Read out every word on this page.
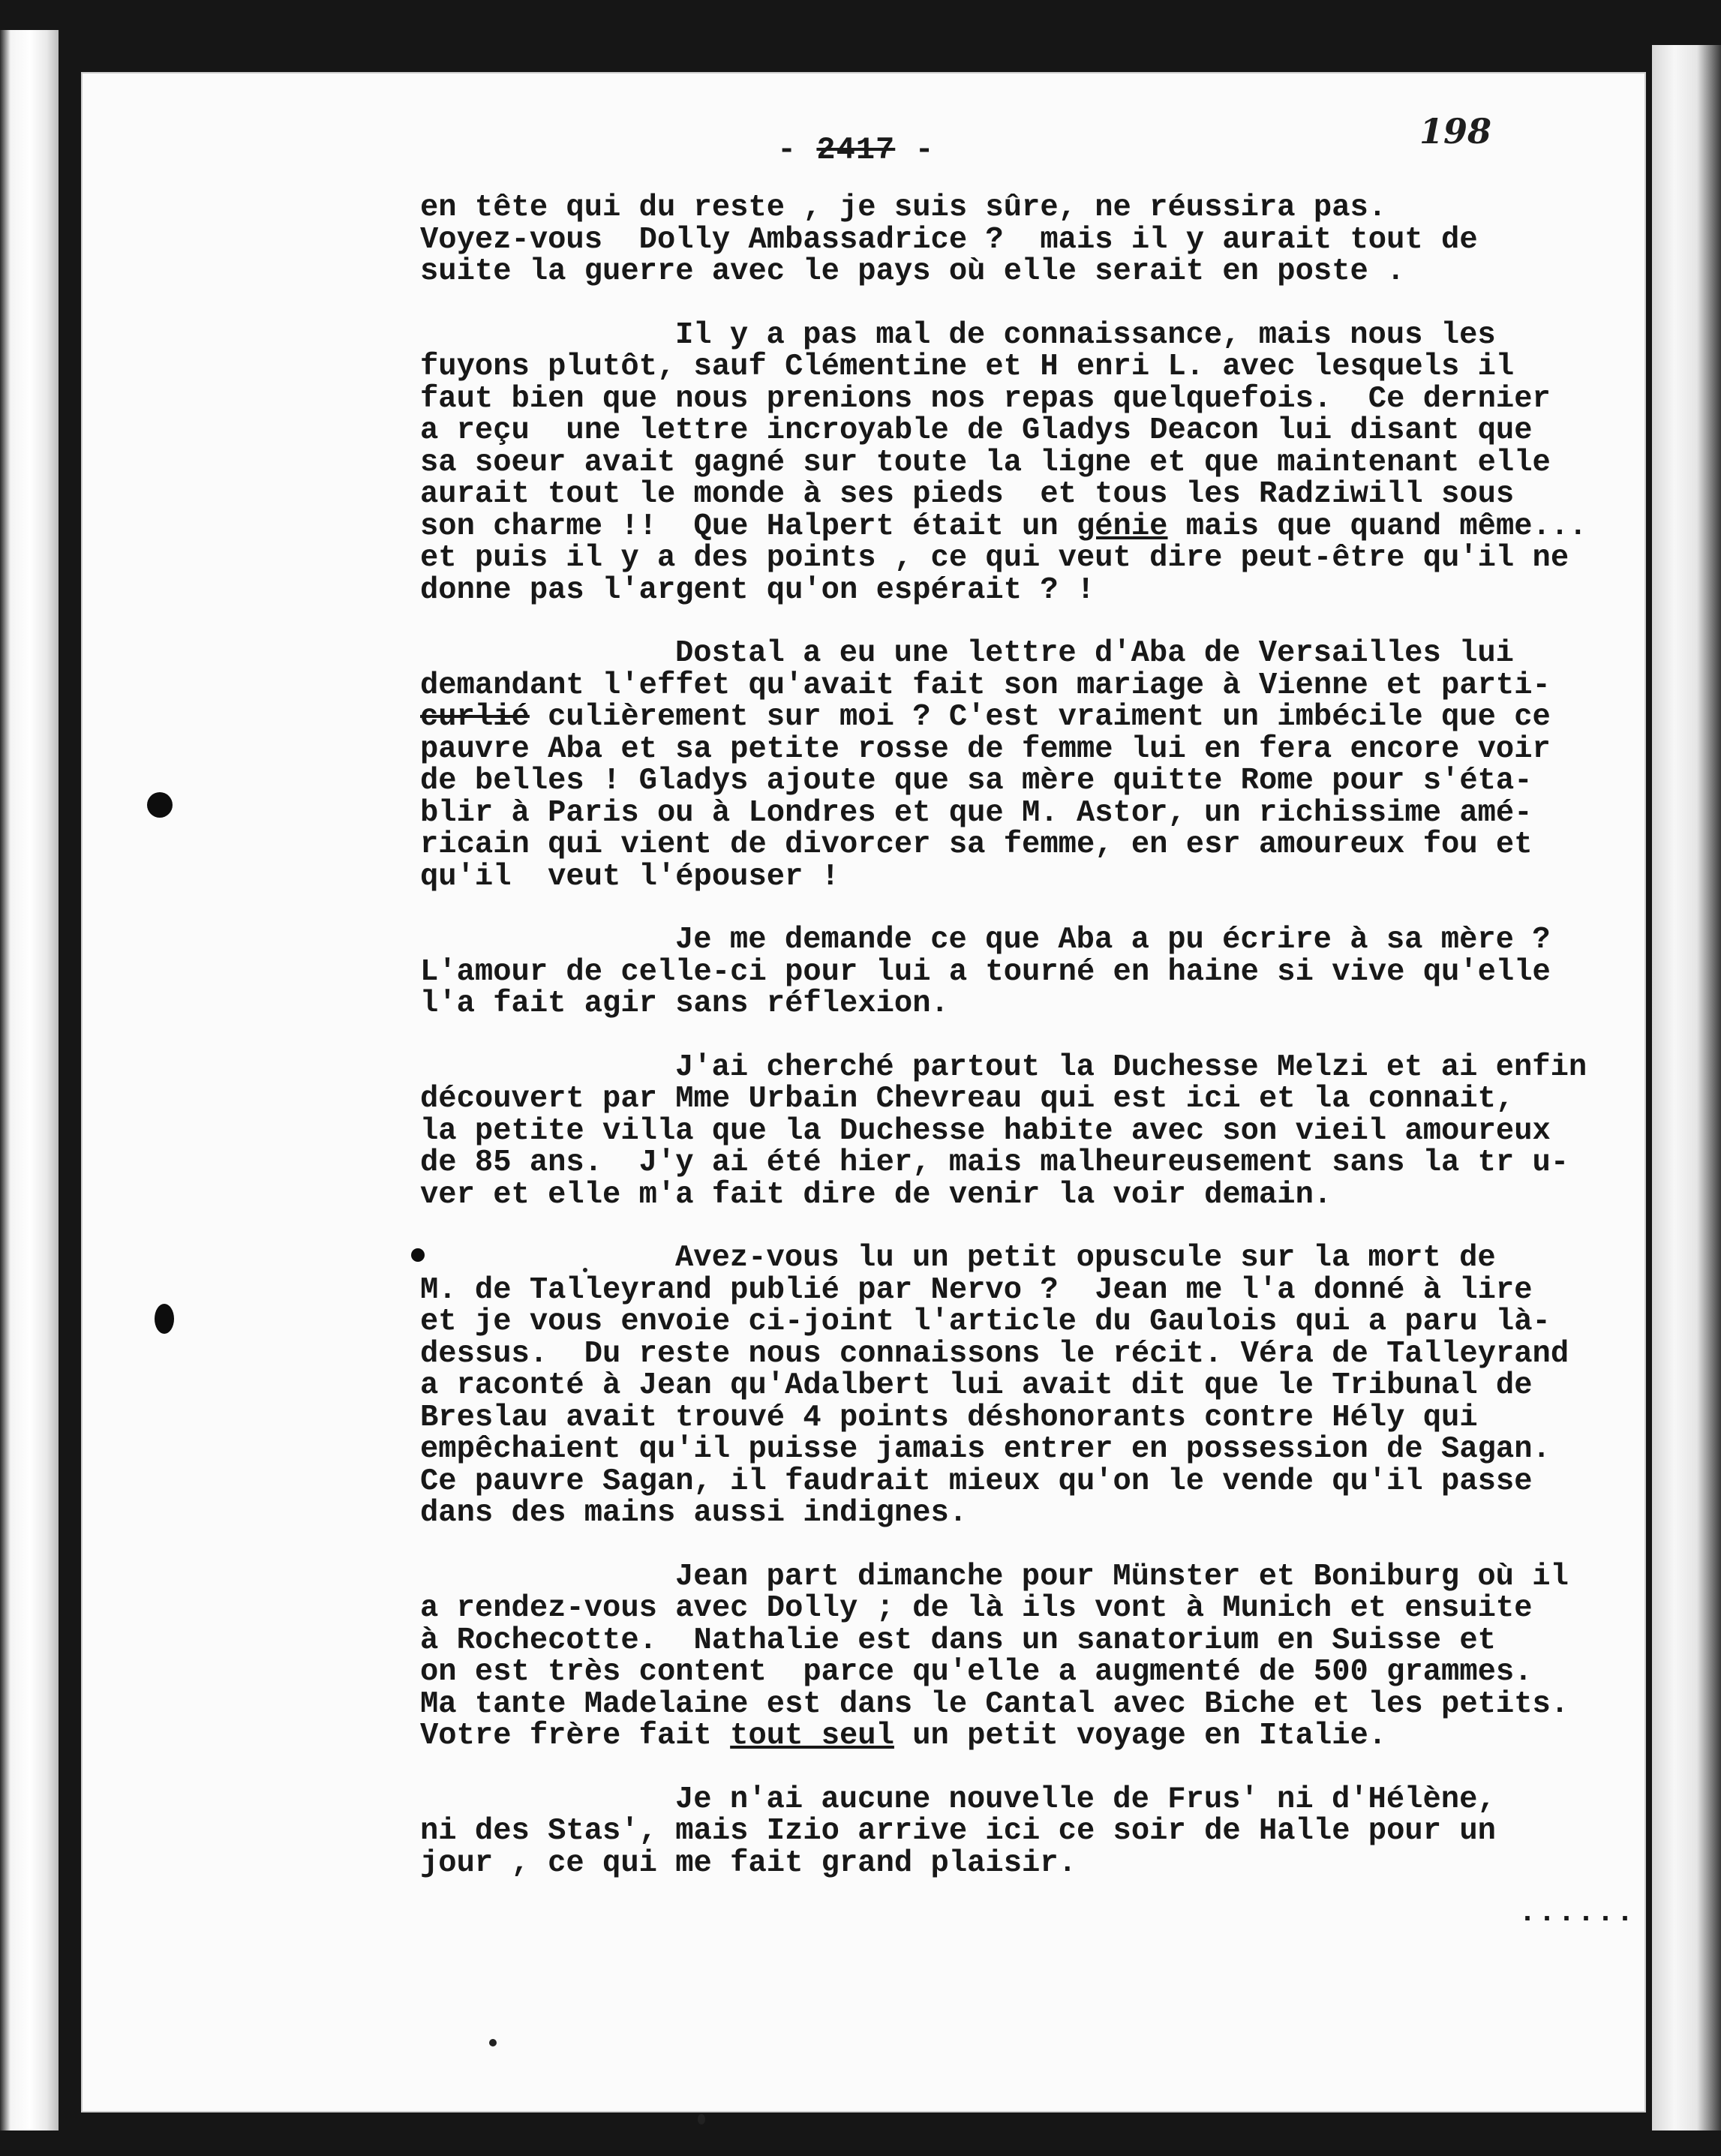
198
- 2417 -
en tête qui du reste , je suis sûre, ne réussira pas.
Voyez-vous  Dolly Ambassadrice ?  mais il y aurait tout de
suite la guerre avec le pays où elle serait en poste .
Il y a pas mal de connaissance, mais nous les
fuyons plutôt, sauf Clémentine et H enri L. avec lesquels il
faut bien que nous prenions nos repas quelquefois.  Ce dernier
a reçu  une lettre incroyable de Gladys Deacon lui disant que
sa soeur avait gagné sur toute la ligne et que maintenant elle
aurait tout le monde à ses pieds  et tous les Radziwill sous
son charme !!  Que Halpert était un génie mais que quand même...
et puis il y a des points , ce qui veut dire peut-être qu'il ne
donne pas l'argent qu'on espérait ? !
Dostal a eu une lettre d'Aba de Versailles lui
demandant l'effet qu'avait fait son mariage à Vienne et parti-
curlié culièrement sur moi ? C'est vraiment un imbécile que ce
pauvre Aba et sa petite rosse de femme lui en fera encore voir
de belles ! Gladys ajoute que sa mère quitte Rome pour s'éta-
blir à Paris ou à Londres et que M. Astor, un richissime amé-
ricain qui vient de divorcer sa femme, en esr amoureux fou et
qu'il  veut l'épouser !
Je me demande ce que Aba a pu écrire à sa mère ?
L'amour de celle-ci pour lui a tourné en haine si vive qu'elle
l'a fait agir sans réflexion.
J'ai cherché partout la Duchesse Melzi et ai enfin
découvert par Mme Urbain Chevreau qui est ici et la connait,
la petite villa que la Duchesse habite avec son vieil amoureux
de 85 ans.  J'y ai été hier, mais malheureusement sans la tr u-
ver et elle m'a fait dire de venir la voir demain.
Avez-vous lu un petit opuscule sur la mort de
M. de Talleyrand publié par Nervo ?  Jean me l'a donné à lire
et je vous envoie ci-joint l'article du Gaulois qui a paru là-
dessus.  Du reste nous connaissons le récit. Véra de Talleyrand
a raconté à Jean qu'Adalbert lui avait dit que le Tribunal de
Breslau avait trouvé 4 points déshonorants contre Hély qui
empêchaient qu'il puisse jamais entrer en possession de Sagan.
Ce pauvre Sagan, il faudrait mieux qu'on le vende qu'il passe
dans des mains aussi indignes.
Jean part dimanche pour Münster et Boniburg où il
a rendez-vous avec Dolly ; de là ils vont à Munich et ensuite
à Rochecotte.  Nathalie est dans un sanatorium en Suisse et
on est très content  parce qu'elle a augmenté de 500 grammes.
Ma tante Madelaine est dans le Cantal avec Biche et les petits.
Votre frère fait tout seul un petit voyage en Italie.
Je n'ai aucune nouvelle de Frus' ni d'Hélène,
ni des Stas', mais Izio arrive ici ce soir de Halle pour un
jour , ce qui me fait grand plaisir.
......
